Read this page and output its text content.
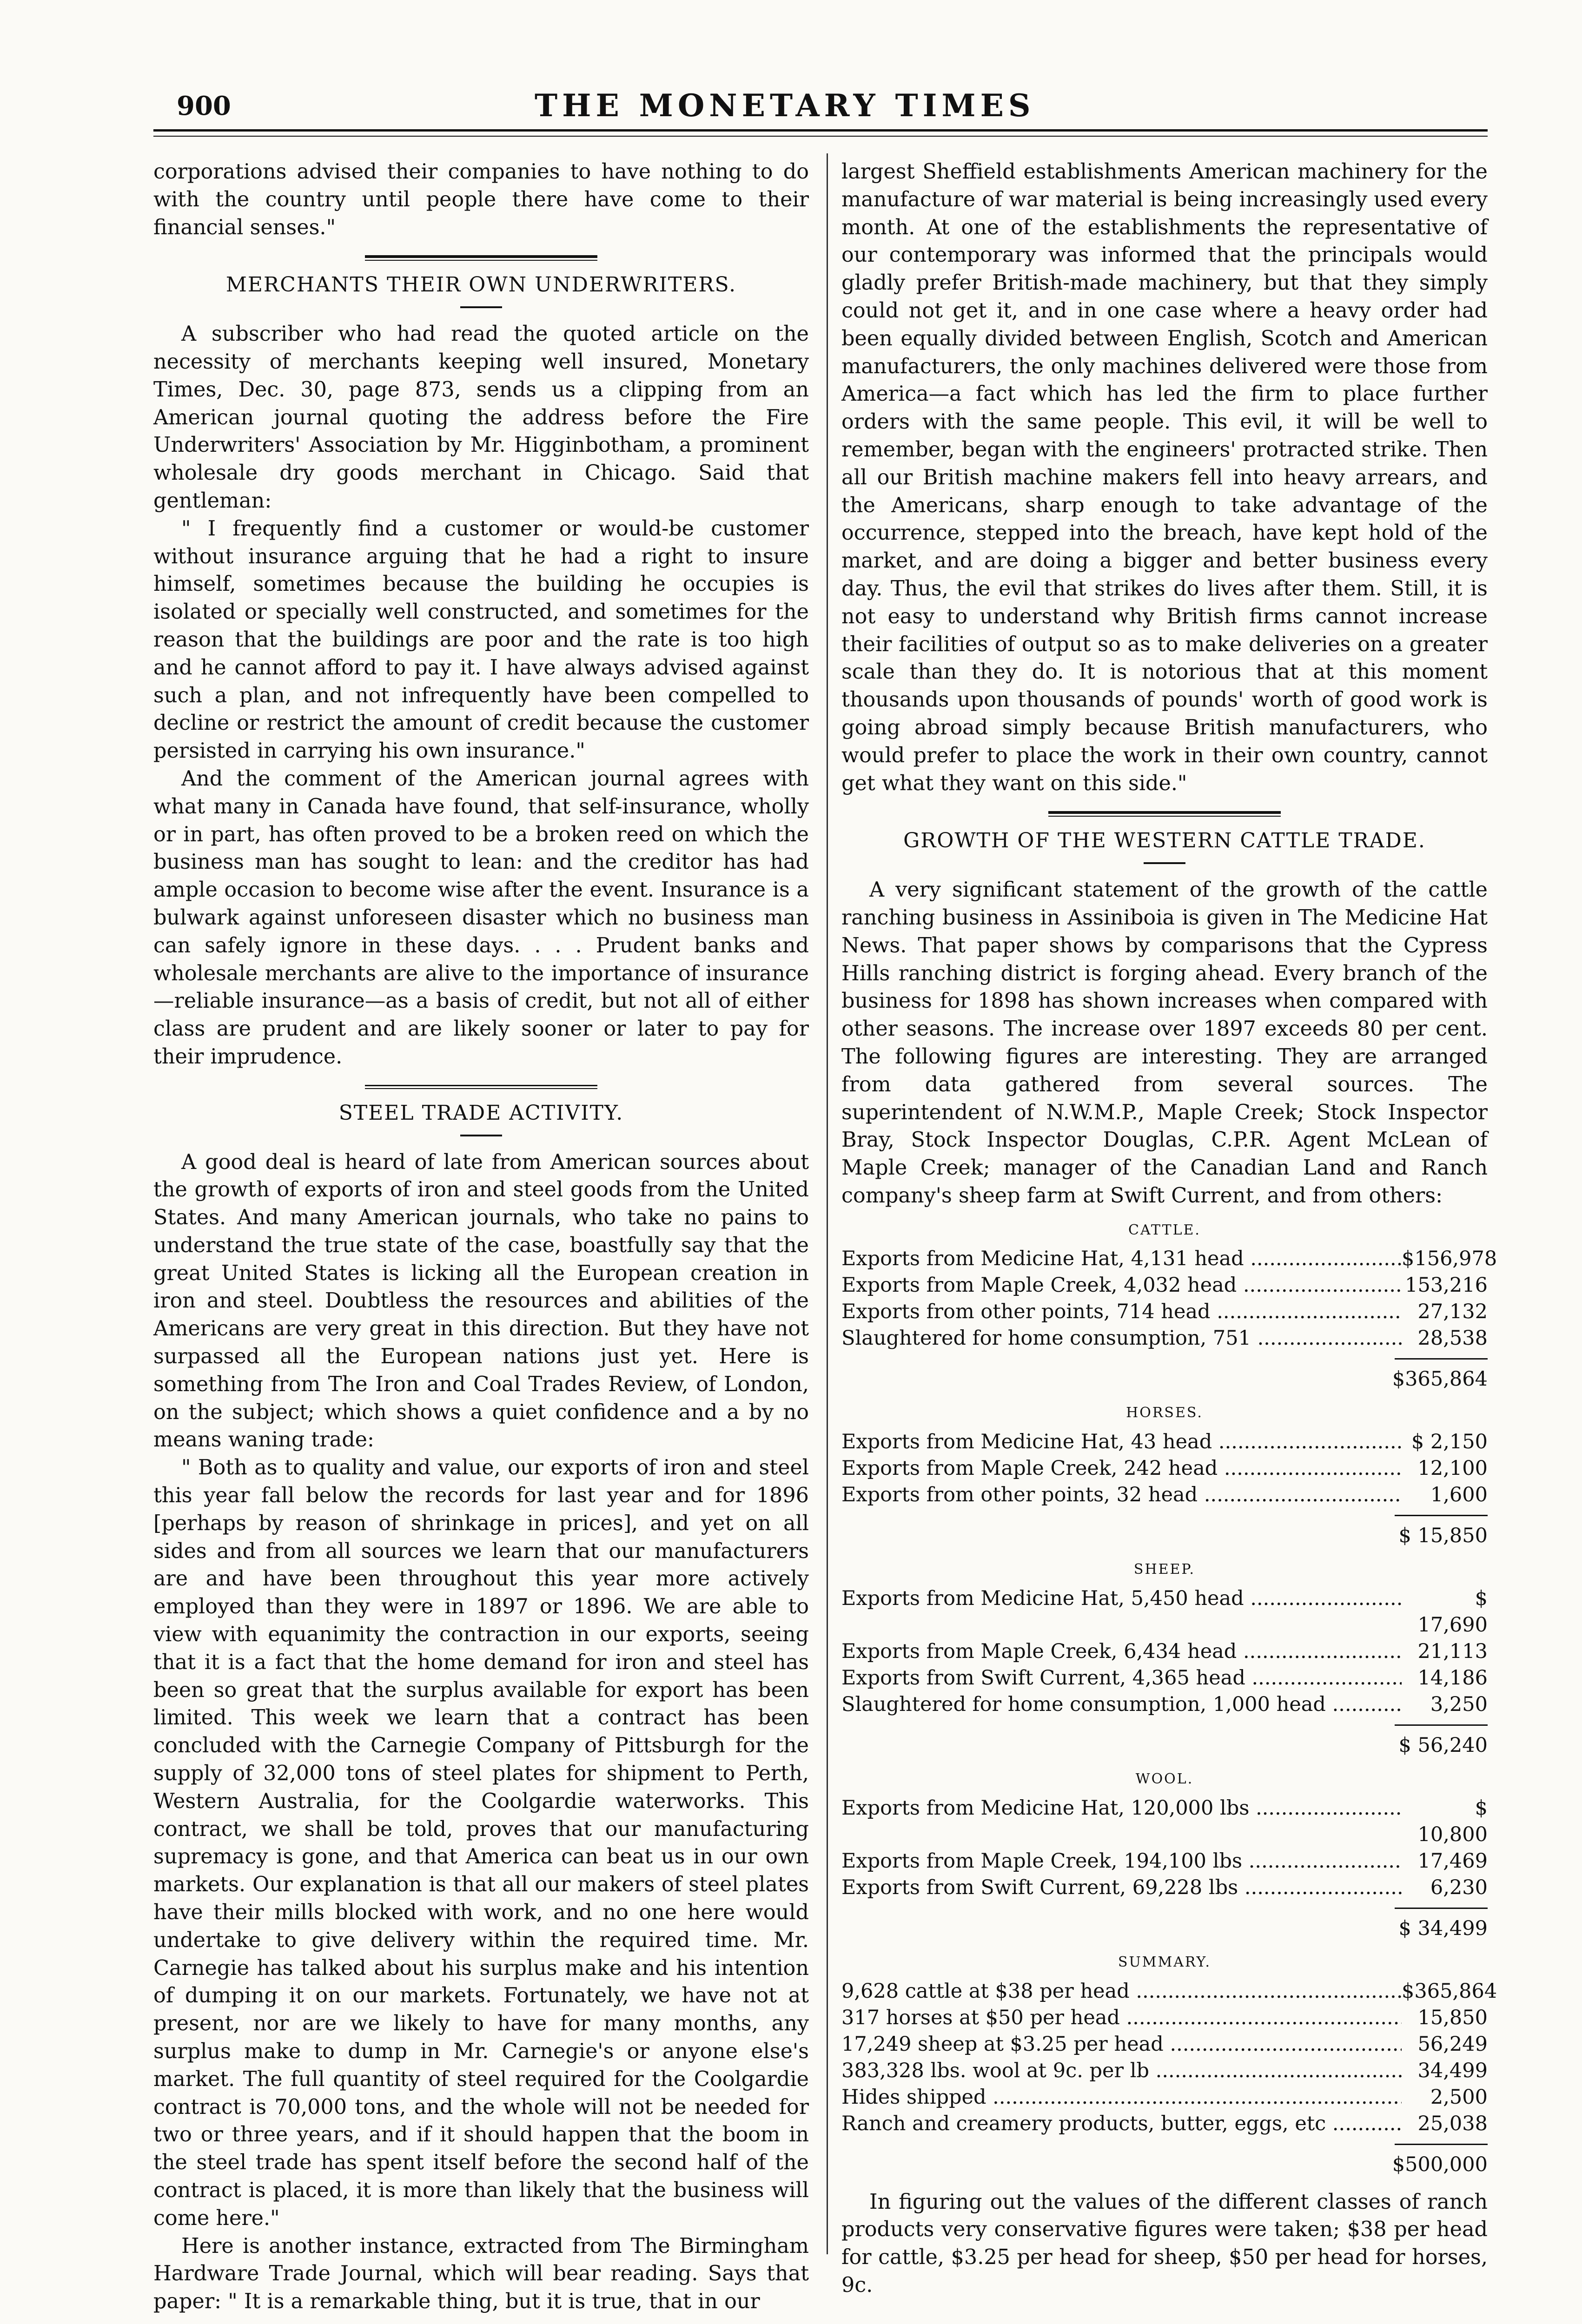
900	THE MONETARY TIMES

corporations advised their companies to have nothing to do with the country until people there have come to their financial senses."

MERCHANTS THEIR OWN UNDERWRITERS.

A subscriber who had read the quoted article on the necessity of merchants keeping well insured, Monetary Times, Dec. 30, page 873, sends us a clipping from an American journal quoting the address before the Fire Underwriters' Association by Mr. Higginbotham, a prominent wholesale dry goods merchant in Chicago. Said that gentleman:

" I frequently find a customer or would-be customer without insurance arguing that he had a right to insure himself, sometimes because the building he occupies is isolated or specially well constructed, and sometimes for the reason that the buildings are poor and the rate is too high and he cannot afford to pay it. I have always advised against such a plan, and not infrequently have been compelled to decline or restrict the amount of credit because the customer persisted in carrying his own insurance."

And the comment of the American journal agrees with what many in Canada have found, that self-insurance, wholly or in part, has often proved to be a broken reed on which the business man has sought to lean: and the creditor has had ample occasion to become wise after the event. Insurance is a bulwark against unforeseen disaster which no business man can safely ignore in these days. . . . Prudent banks and wholesale merchants are alive to the importance of insurance—reliable insurance—as a basis of credit, but not all of either class are prudent and are likely sooner or later to pay for their imprudence.

STEEL TRADE ACTIVITY.

A good deal is heard of late from American sources about the growth of exports of iron and steel goods from the United States. And many American journals, who take no pains to understand the true state of the case, boastfully say that the great United States is licking all the European creation in iron and steel. Doubtless the resources and abilities of the Americans are very great in this direction. But they have not surpassed all the European nations just yet. Here is something from The Iron and Coal Trades Review, of London, on the subject; which shows a quiet confidence and a by no means waning trade:

" Both as to quality and value, our exports of iron and steel this year fall below the records for last year and for 1896 [perhaps by reason of shrinkage in prices], and yet on all sides and from all sources we learn that our manufacturers are and have been throughout this year more actively employed than they were in 1897 or 1896. We are able to view with equanimity the contraction in our exports, seeing that it is a fact that the home demand for iron and steel has been so great that the surplus available for export has been limited. This week we learn that a contract has been concluded with the Carnegie Company of Pittsburgh for the supply of 32,000 tons of steel plates for shipment to Perth, Western Australia, for the Coolgardie waterworks. This contract, we shall be told, proves that our manufacturing supremacy is gone, and that America can beat us in our own markets. Our explanation is that all our makers of steel plates have their mills blocked with work, and no one here would undertake to give delivery within the required time. Mr. Carnegie has talked about his surplus make and his intention of dumping it on our markets. Fortunately, we have not at present, nor are we likely to have for many months, any surplus make to dump in Mr. Carnegie's or anyone else's market. The full quantity of steel required for the Coolgardie contract is 70,000 tons, and the whole will not be needed for two or three years, and if it should happen that the boom in the steel trade has spent itself before the second half of the contract is placed, it is more than likely that the business will come here."

Here is another instance, extracted from The Birmingham Hardware Trade Journal, which will bear reading. Says that paper: " It is a remarkable thing, but it is true, that in our

largest Sheffield establishments American machinery for the manufacture of war material is being increasingly used every month. At one of the establishments the representative of our contemporary was informed that the principals would gladly prefer British-made machinery, but that they simply could not get it, and in one case where a heavy order had been equally divided between English, Scotch and American manufacturers, the only machines delivered were those from America—a fact which has led the firm to place further orders with the same people. This evil, it will be well to remember, began with the engineers' protracted strike. Then all our British machine makers fell into heavy arrears, and the Americans, sharp enough to take advantage of the occurrence, stepped into the breach, have kept hold of the market, and are doing a bigger and better business every day. Thus, the evil that strikes do lives after them. Still, it is not easy to understand why British firms cannot increase their facilities of output so as to make deliveries on a greater scale than they do. It is notorious that at this moment thousands upon thousands of pounds' worth of good work is going abroad simply because British manufacturers, who would prefer to place the work in their own country, cannot get what they want on this side."

GROWTH OF THE WESTERN CATTLE TRADE.

A very significant statement of the growth of the cattle ranching business in Assiniboia is given in The Medicine Hat News. That paper shows by comparisons that the Cypress Hills ranching district is forging ahead. Every branch of the business for 1898 has shown increases when compared with other seasons. The increase over 1897 exceeds 80 per cent. The following figures are interesting. They are arranged from data gathered from several sources. The superintendent of N.W.M.P., Maple Creek; Stock Inspector Bray, Stock Inspector Douglas, C.P.R. Agent McLean of Maple Creek; manager of the Canadian Land and Ranch company's sheep farm at Swift Current, and from others:

CATTLE.
Exports from Medicine Hat, 4,131 head .....	$156,978
Exports from Maple Creek, 4,032 head .....	153,216
Exports from other points, 714 head .....	27,132
Slaughtered for home consumption, 751 .....	28,538
$365,864
HORSES.
Exports from Medicine Hat, 43 head .....	$ 2,150
Exports from Maple Creek, 242 head .....	12,100
Exports from other points, 32 head .....	1,600
$ 15,850
SHEEP.
Exports from Medicine Hat, 5,450 head .....	$ 17,690
Exports from Maple Creek, 6,434 head .....	21,113
Exports from Swift Current, 4,365 head .....	14,186
Slaughtered for home consumption, 1,000 head .....	3,250
$ 56,240
WOOL.
Exports from Medicine Hat, 120,000 lbs .....	$ 10,800
Exports from Maple Creek, 194,100 lbs .....	17,469
Exports from Swift Current, 69,228 lbs .....	6,230
$ 34,499
SUMMARY.
9,628 cattle at $38 per head .....	$365,864
317 horses at $50 per head .....	15,850
17,249 sheep at $3.25 per head .....	56,249
383,328 lbs. wool at 9c. per lb .....	34,499
Hides shipped .....	2,500
Ranch and creamery products, butter, eggs, etc .....	25,038
$500,000

In figuring out the values of the different classes of ranch products very conservative figures were taken; $38 per head for cattle, $3.25 per head for sheep, $50 per head for horses, 9c.
